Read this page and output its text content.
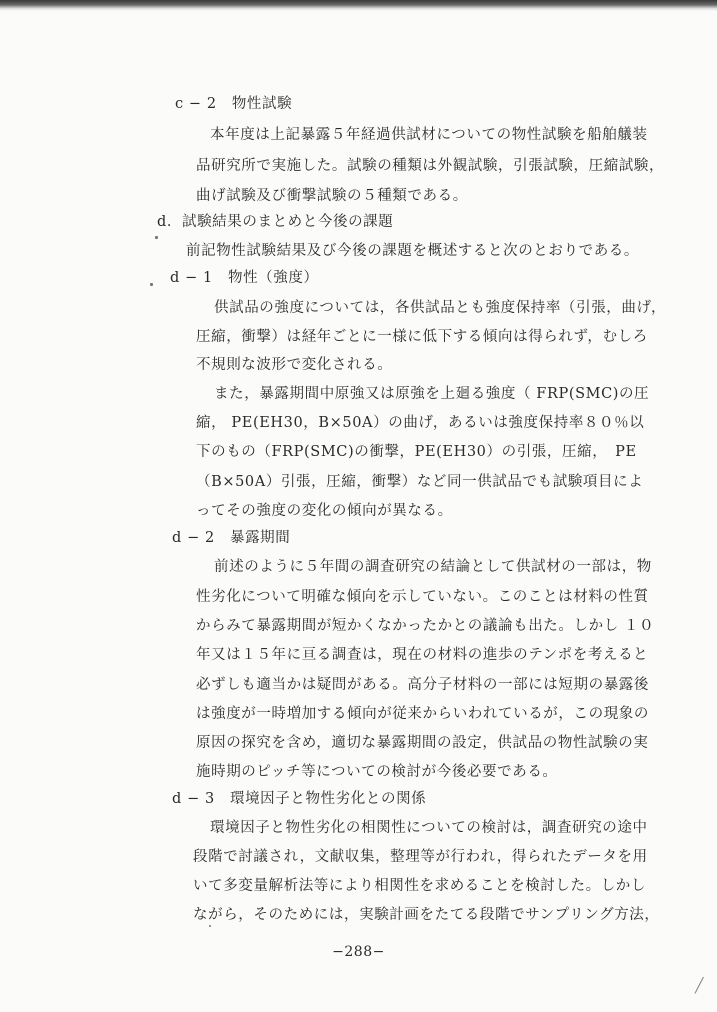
c − 2　物性試験
本年度は上記暴露５年経過供試材についての物性試験を船舶艤装
品研究所で実施した。試験の種類は外観試験，引張試験，圧縮試験，
曲げ試験及び衝撃試験の５種類である。
d．試験結果のまとめと今後の課題
前記物性試験結果及び今後の課題を概述すると次のとおりである。
d − 1　物性（強度）
供試品の強度については，各供試品とも強度保持率（引張，曲げ，
圧縮，衝撃）は経年ごとに一様に低下する傾向は得られず，むしろ
不規則な波形で変化される。
また，暴露期間中原強又は原強を上廻る強度（ FRP(SMC)の圧
縮， PE(EH30，B×50A）の曲げ，あるいは強度保持率８０％以
下のもの（FRP(SMC)の衝撃，PE(EH30）の引張，圧縮，　PE
（B×50A）引張，圧縮，衝撃）など同一供試品でも試験項目によ
ってその強度の変化の傾向が異なる。
d − 2　暴露期間
前述のように５年間の調査研究の結論として供試材の一部は，物
性劣化について明確な傾向を示していない。このことは材料の性質
からみて暴露期間が短かくなかったかとの議論も出た。しかし １０
年又は１５年に亘る調査は，現在の材料の進歩のテンポを考えると
必ずしも適当かは疑問がある。高分子材料の一部には短期の暴露後
は強度が一時増加する傾向が従来からいわれているが，この現象の
原因の探究を含め，適切な暴露期間の設定，供試品の物性試験の実
施時期のピッチ等についての検討が今後必要である。
d − 3　環境因子と物性劣化との関係
環境因子と物性劣化の相関性についての検討は，調査研究の途中
段階で討議され，文献収集，整理等が行われ，得られたデータを用
いて多変量解析法等により相関性を求めることを検討した。しかし
ながら，そのためには，実験計画をたてる段階でサンプリング方法，
−288−
╱
